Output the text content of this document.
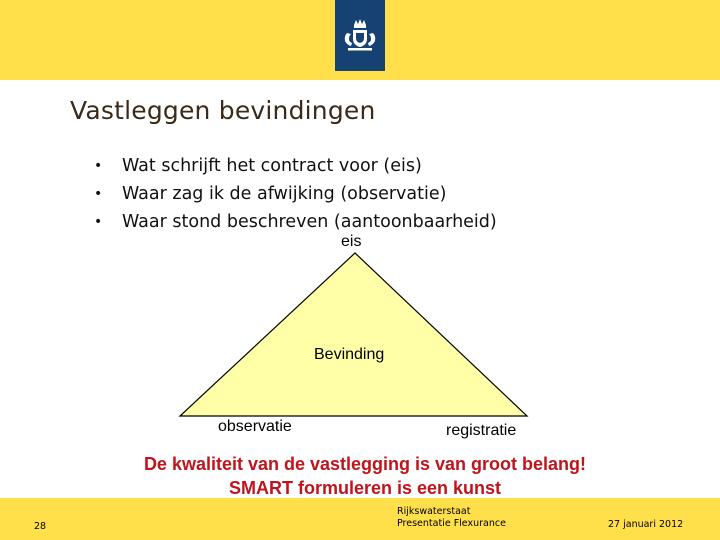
Vastleggen bevindingen
• Wat schrijft het contract voor (eis)
• Waar zag ik de afwijking (observatie)
• Waar stond beschreven (aantoonbaarheid)
eis
Bevinding
observatie	registratie
De kwaliteit van de vastlegging is van groot belang!
SMART formuleren is een kunst
28
Rijkswaterstaat
Presentatie Flexurance	27 januari 2012
